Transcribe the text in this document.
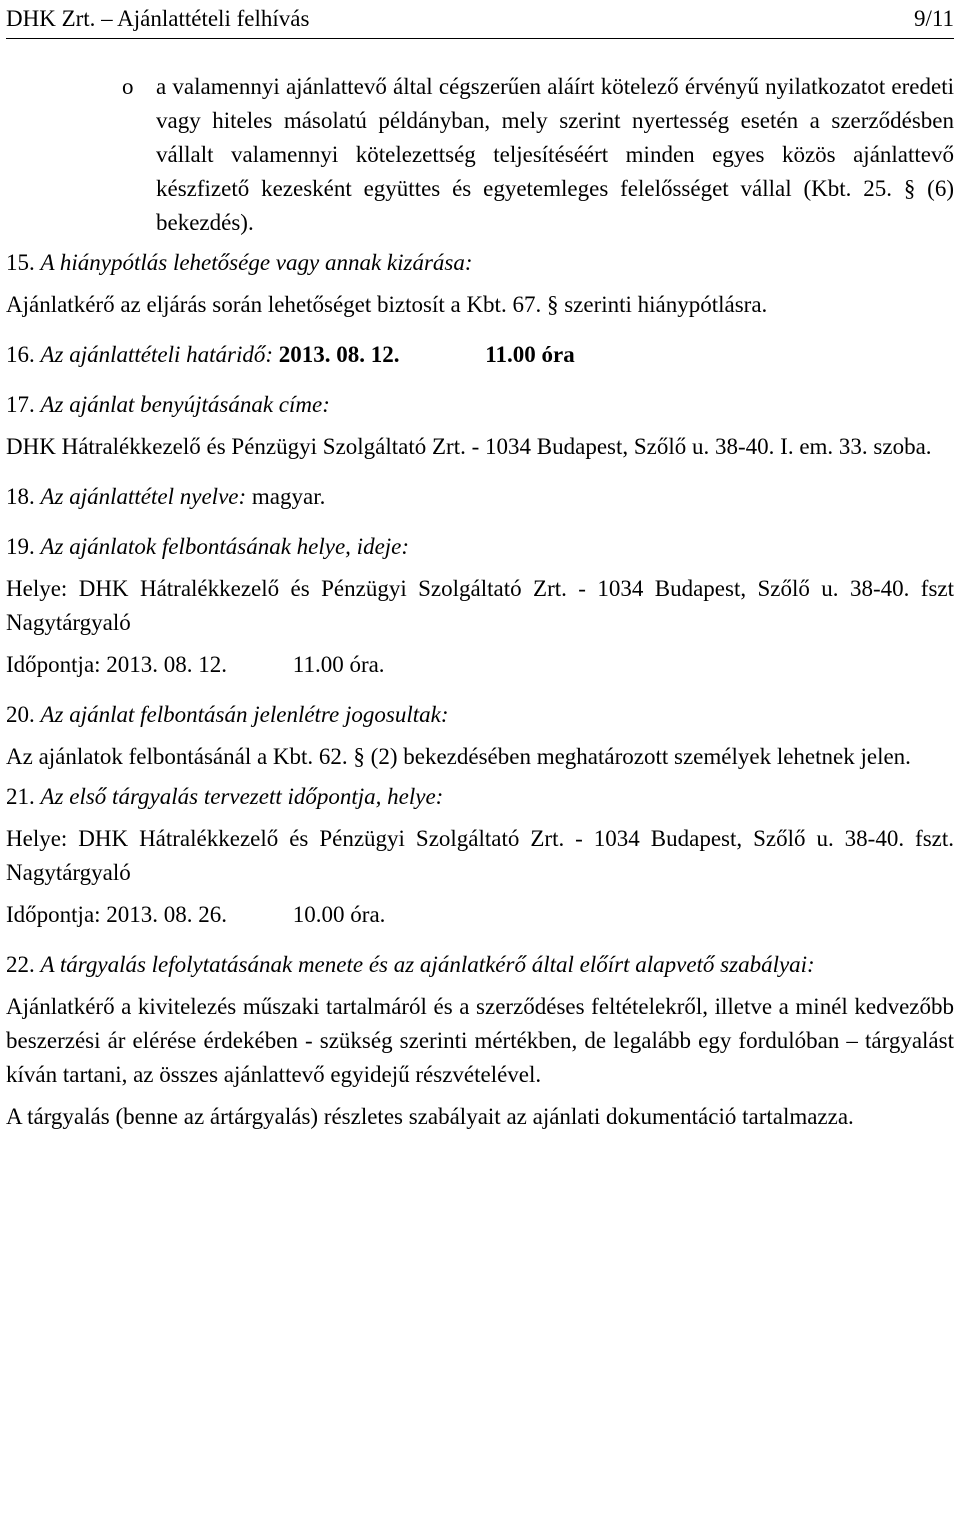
DHK Zrt. – Ajánlattételi felhívás	9/11

o a valamennyi ajánlattevő által cégszerűen aláírt kötelező érvényű nyilatkozatot eredeti vagy hiteles másolatú példányban, mely szerint nyertesség esetén a szerződésben vállalt valamennyi kötelezettség teljesítéséért minden egyes közös ajánlattevő készfizető kezesként együttes és egyetemleges felelősséget vállal (Kbt. 25. § (6) bekezdés).

15. A hiánypótlás lehetősége vagy annak kizárása:

Ajánlatkérő az eljárás során lehetőséget biztosít a Kbt. 67. § szerinti hiánypótlásra.

16. Az ajánlattételi határidő: 2013. 08. 12.	11.00 óra

17. Az ajánlat benyújtásának címe:

DHK Hátralékkezelő és Pénzügyi Szolgáltató Zrt. - 1034 Budapest, Szőlő u. 38-40. I. em. 33. szoba.

18. Az ajánlattétel nyelve: magyar.

19. Az ajánlatok felbontásának helye, ideje:

Helye: DHK Hátralékkezelő és Pénzügyi Szolgáltató Zrt. - 1034 Budapest, Szőlő u. 38-40. fszt Nagytárgyaló

Időpontja: 2013. 08. 12.	11.00 óra.

20. Az ajánlat felbontásán jelenlétre jogosultak:

Az ajánlatok felbontásánál a Kbt. 62. § (2) bekezdésében meghatározott személyek lehetnek jelen.

21. Az első tárgyalás tervezett időpontja, helye:

Helye: DHK Hátralékkezelő és Pénzügyi Szolgáltató Zrt. - 1034 Budapest, Szőlő u. 38-40. fszt. Nagytárgyaló

Időpontja: 2013. 08. 26.	10.00 óra.

22. A tárgyalás lefolytatásának menete és az ajánlatkérő által előírt alapvető szabályai:

Ajánlatkérő a kivitelezés műszaki tartalmáról és a szerződéses feltételekről, illetve a minél kedvezőbb beszerzési ár elérése érdekében - szükség szerinti mértékben, de legalább egy fordulóban – tárgyalást kíván tartani, az összes ajánlattevő egyidejű részvételével.

A tárgyalás (benne az ártárgyalás) részletes szabályait az ajánlati dokumentáció tartalmazza.
